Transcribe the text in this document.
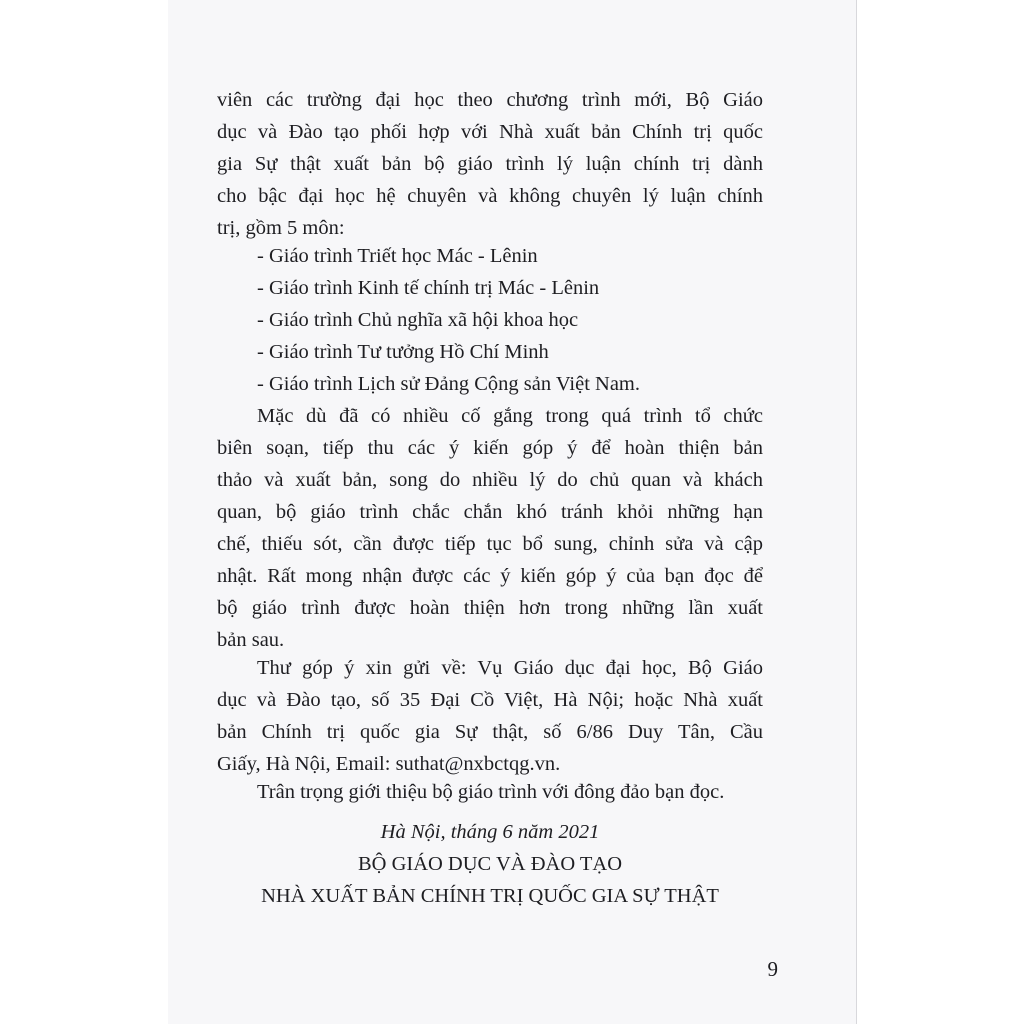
viên các trường đại học theo chương trình mới, Bộ Giáo
dục và Đào tạo phối hợp với Nhà xuất bản Chính trị quốc
gia Sự thật xuất bản bộ giáo trình lý luận chính trị dành
cho bậc đại học hệ chuyên và không chuyên lý luận chính
trị, gồm 5 môn:
- Giáo trình Triết học Mác - Lênin
- Giáo trình Kinh tế chính trị Mác - Lênin
- Giáo trình Chủ nghĩa xã hội khoa học
- Giáo trình Tư tưởng Hồ Chí Minh
- Giáo trình Lịch sử Đảng Cộng sản Việt Nam.
Mặc dù đã có nhiều cố gắng trong quá trình tổ chức
biên soạn, tiếp thu các ý kiến góp ý để hoàn thiện bản
thảo và xuất bản, song do nhiều lý do chủ quan và khách
quan, bộ giáo trình chắc chắn khó tránh khỏi những hạn
chế, thiếu sót, cần được tiếp tục bổ sung, chỉnh sửa và cập
nhật. Rất mong nhận được các ý kiến góp ý của bạn đọc để
bộ giáo trình được hoàn thiện hơn trong những lần xuất
bản sau.
Thư góp ý xin gửi về: Vụ Giáo dục đại học, Bộ Giáo
dục và Đào tạo, số 35 Đại Cồ Việt, Hà Nội; hoặc Nhà xuất
bản Chính trị quốc gia Sự thật, số 6/86 Duy Tân, Cầu
Giấy, Hà Nội, Email: suthat@nxbctqg.vn.
Trân trọng giới thiệu bộ giáo trình với đông đảo bạn đọc.
Hà Nội, tháng 6 năm 2021
BỘ GIÁO DỤC VÀ ĐÀO TẠO
NHÀ XUẤT BẢN CHÍNH TRỊ QUỐC GIA SỰ THẬT
9
